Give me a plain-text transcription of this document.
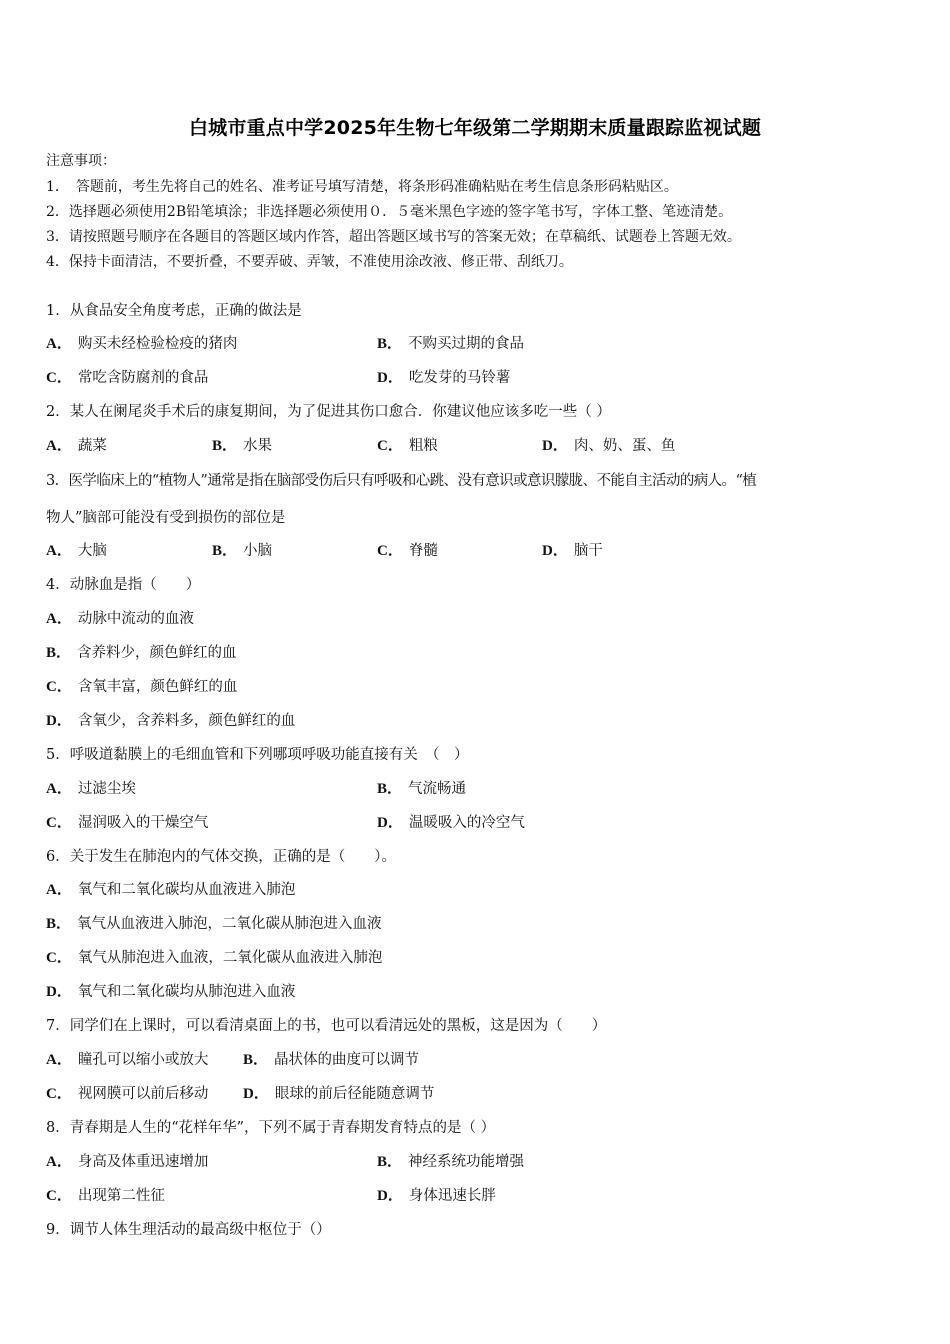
白城市重点中学2025年生物七年级第二学期期末质量跟踪监视试题
注意事项：
1．　答题前，考生先将自己的姓名、准考证号填写清楚，将条形码准确粘贴在考生信息条形码粘贴区。
2．选择题必须使用2B铅笔填涂；非选择题必须使用０．５毫米黑色字迹的签字笔书写，字体工整、笔迹清楚。
3．请按照题号顺序在各题目的答题区域内作答，超出答题区域书写的答案无效；在草稿纸、试题卷上答题无效。
4．保持卡面清洁，不要折叠，不要弄破、弄皱，不准使用涂改液、修正带、刮纸刀。
1．从食品安全角度考虑，正确的做法是
A． 购买未经检验检疫的猪肉	B． 不购买过期的食品
C． 常吃含防腐剂的食品	D． 吃发芽的马铃薯
2．某人在阑尾炎手术后的康复期间，为了促进其伤口愈合．你建议他应该多吃一些（ ）
A． 蔬菜	B． 水果	C． 粗粮	D． 肉、奶、蛋、鱼
3．医学临床上的“植物人”通常是指在脑部受伤后只有呼吸和心跳、没有意识或意识朦胧、不能自主活动的病人。“植
物人”脑部可能没有受到损伤的部位是
A． 大脑	B． 小脑	C． 脊髓	D． 脑干
4．动脉血是指（　　）
A． 动脉中流动的血液
B． 含养料少，颜色鲜红的血
C． 含氧丰富，颜色鲜红的血
D． 含氧少，含养料多，颜色鲜红的血
5．呼吸道黏膜上的毛细血管和下列哪项呼吸功能直接有关　（　）
A． 过滤尘埃	B． 气流畅通
C． 湿润吸入的干燥空气	D． 温暖吸入的冷空气
6．关于发生在肺泡内的气体交换，正确的是（　　）。
A． 氧气和二氧化碳均从血液进入肺泡
B． 氧气从血液进入肺泡，二氧化碳从肺泡进入血液
C． 氧气从肺泡进入血液，二氧化碳从血液进入肺泡
D． 氧气和二氧化碳均从肺泡进入血液
7．同学们在上课时，可以看清桌面上的书，也可以看清远处的黑板，这是因为（　　）
A． 瞳孔可以缩小或放大 B． 晶状体的曲度可以调节
C． 视网膜可以前后移动 D． 眼球的前后径能随意调节
8．青春期是人生的“花样年华”，下列不属于青春期发育特点的是（ ）
A． 身高及体重迅速增加	B． 神经系统功能增强
C． 出现第二性征	D． 身体迅速长胖
9．调节人体生理活动的最高级中枢位于（）
